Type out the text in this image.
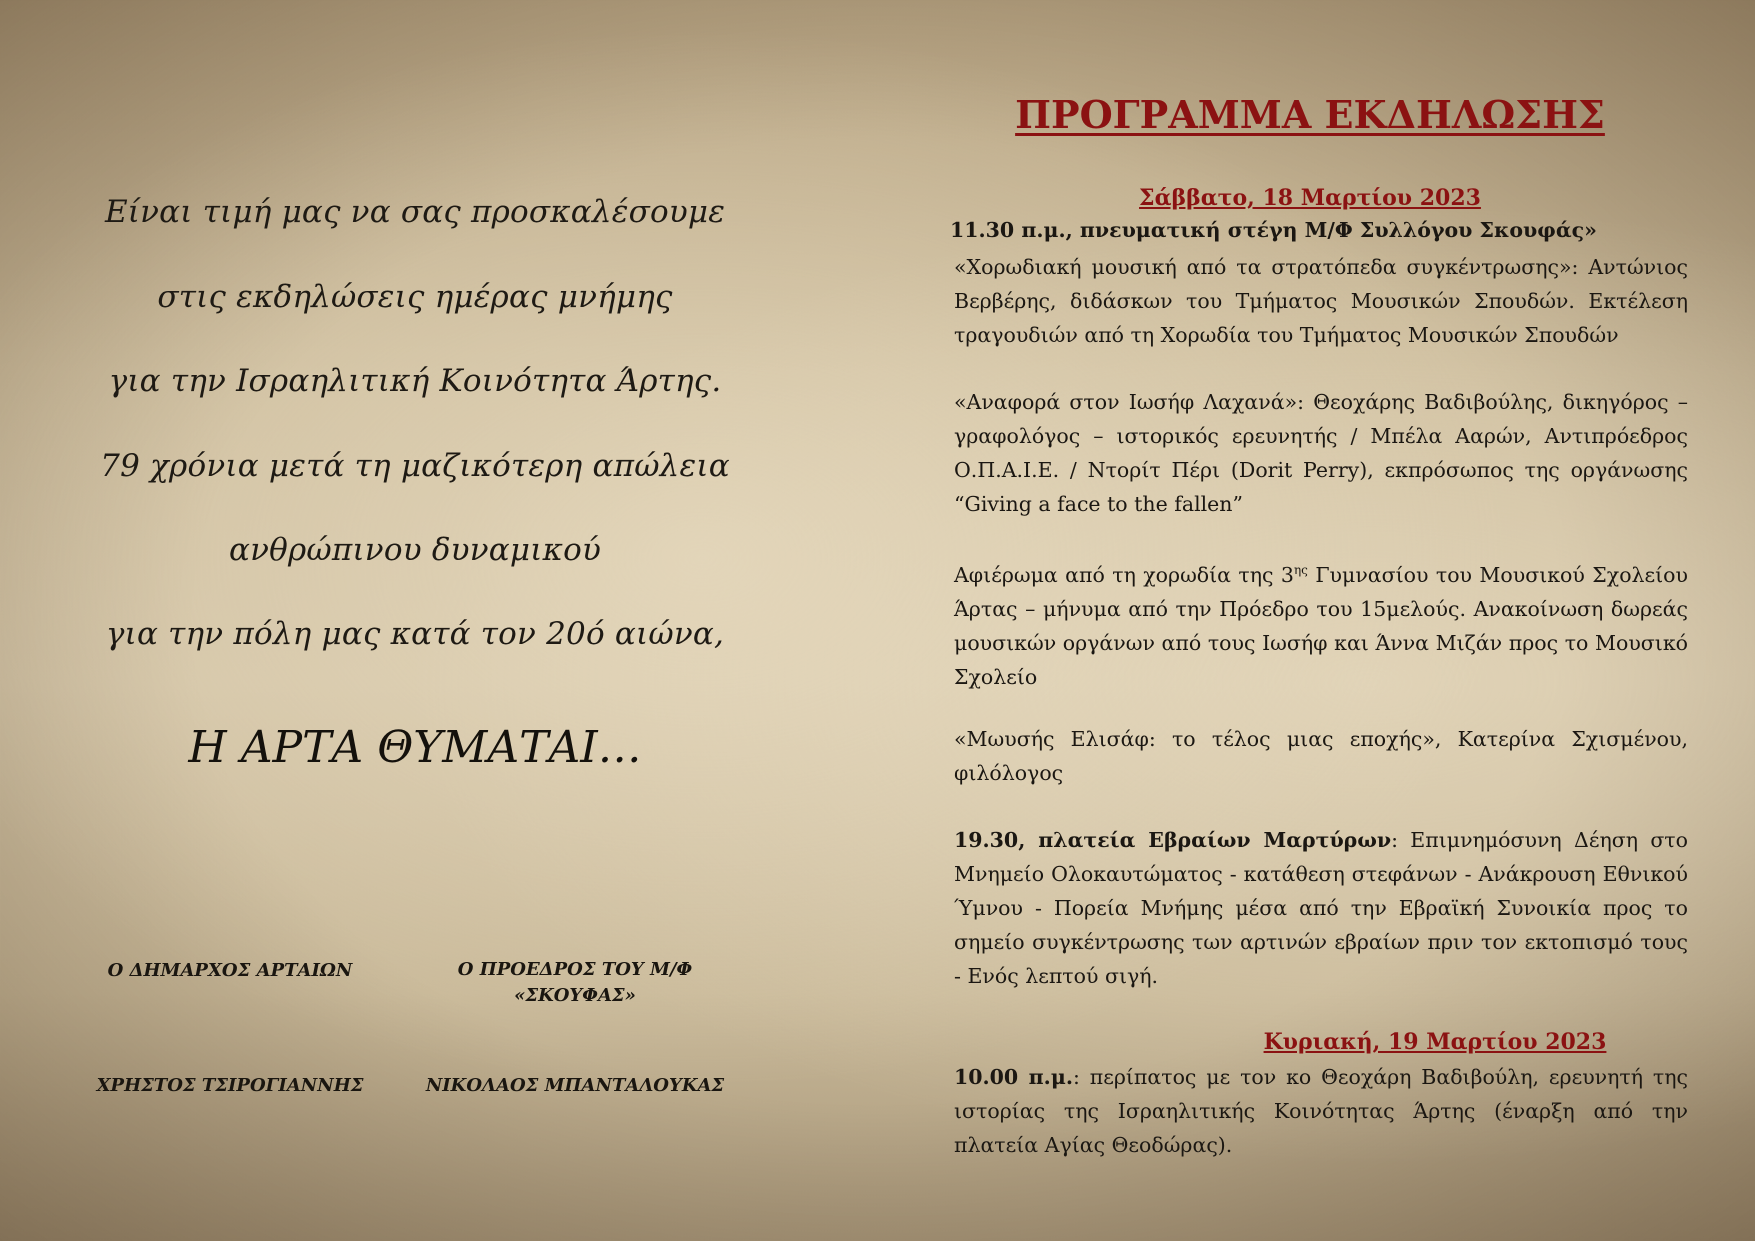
Είναι τιμή μας να σας προσκαλέσουμε
στις εκδηλώσεις ημέρας μνήμης
για την Ισραηλιτική Κοινότητα Άρτης.
79 χρόνια μετά τη μαζικότερη απώλεια
ανθρώπινου δυναμικού
για την πόλη μας κατά τον 20ό αιώνα,
Η ΑΡΤΑ ΘΥΜΑΤΑΙ…
Ο ΔΗΜΑΡΧΟΣ ΑΡΤΑΙΩΝ	Ο ΠΡΟΕΔΡΟΣ ΤΟΥ Μ/Φ
«ΣΚΟΥΦΑΣ»
ΧΡΗΣΤΟΣ ΤΣΙΡΟΓΙΑΝΝΗΣ	ΝΙΚΟΛΑΟΣ ΜΠΑΝΤΑΛΟΥΚΑΣ
ΠΡΟΓΡΑΜΜΑ ΕΚΔΗΛΩΣΗΣ
Σάββατο, 18 Μαρτίου 2023
11.30 π.μ., πνευματική στέγη Μ/Φ Συλλόγου Σκουφάς»
«Χορωδιακή μουσική από τα στρατόπεδα συγκέντρωσης»: Αντώνιος Βερβέρης, διδάσκων του Τμήματος Μουσικών Σπουδών. Εκτέλεση τραγουδιών από τη Χορωδία του Τμήματος Μουσικών Σπουδών
«Αναφορά στον Ιωσήφ Λαχανά»: Θεοχάρης Βαδιβούλης, δικηγόρος – γραφολόγος – ιστορικός ερευνητής / Μπέλα Ααρών, Αντιπρόεδρος Ο.Π.Α.Ι.Ε. / Ντορίτ Πέρι (Dorit Perry), εκπρόσωπος της οργάνωσης “Giving a face to the fallen”
Αφιέρωμα από τη χορωδία της $3^{\eta\varsigma}$ Γυμνασίου του Μουσικού Σχολείου Άρτας – μήνυμα από την Πρόεδρο του 15μελούς. Ανακοίνωση δωρεάς μουσικών οργάνων από τους Ιωσήφ και Άννα Μιζάν προς το Μουσικό Σχολείο
«Μωυσής Ελισάφ: το τέλος μιας εποχής», Κατερίνα Σχισμένου, φιλόλογος
19.30, πλατεία Εβραίων Μαρτύρων: Επιμνημόσυνη Δέηση στο Μνημείο Ολοκαυτώματος - κατάθεση στεφάνων - Ανάκρουση Εθνικού Ύμνου - Πορεία Μνήμης μέσα από την Εβραϊκή Συνοικία προς το σημείο συγκέντρωσης των αρτινών εβραίων πριν τον εκτοπισμό τους - Ενός λεπτού σιγή.
Κυριακή, 19 Μαρτίου 2023
10.00 π.μ.: περίπατος με τον κο Θεοχάρη Βαδιβούλη, ερευνητή της ιστορίας της Ισραηλιτικής Κοινότητας Άρτης (έναρξη από την πλατεία Αγίας Θεοδώρας).
